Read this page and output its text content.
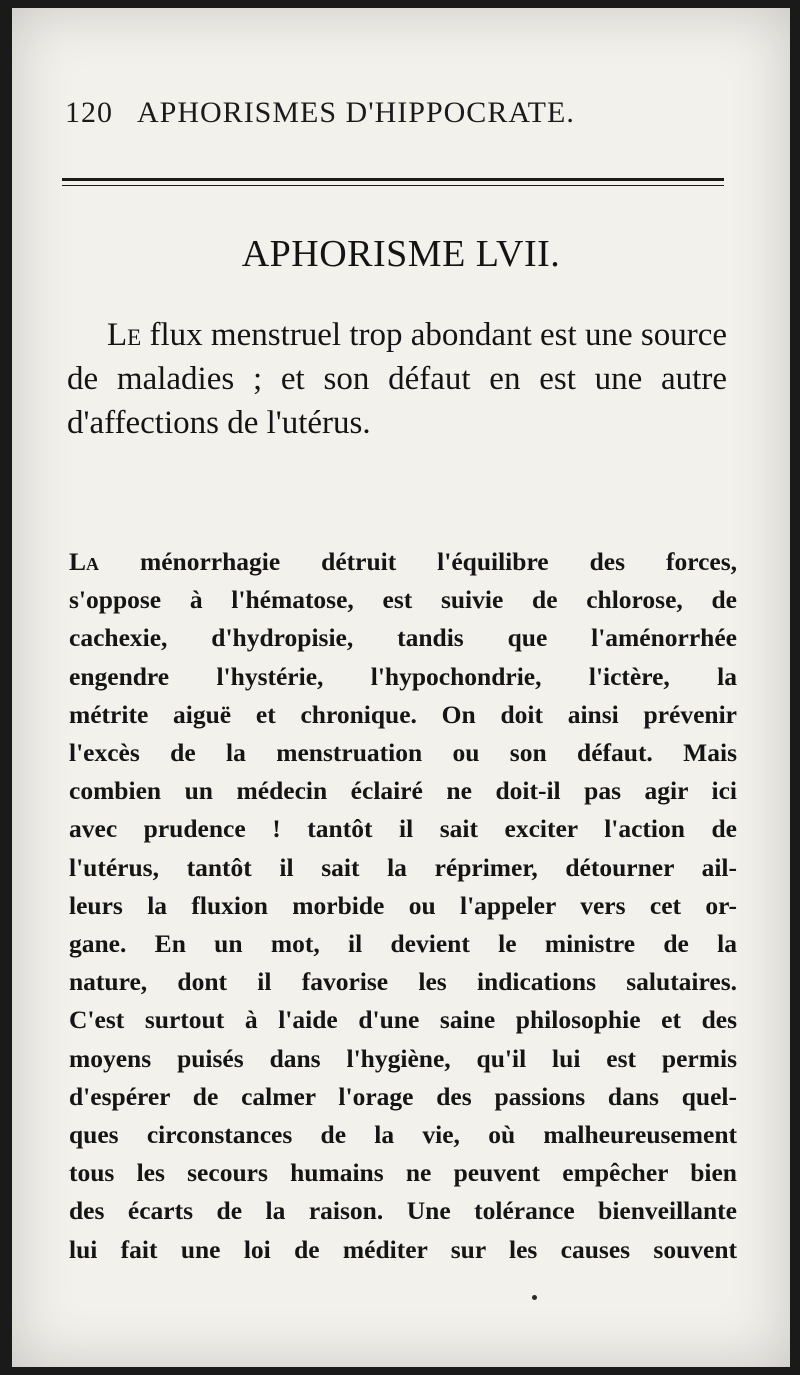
120 APHORISMES D'HIPPOCRATE.
APHORISME LVII.

Le flux menstruel trop abondant est une source de maladies ; et son défaut en est une autre d'affections de l'utérus.

La ménorrhagie détruit l'équilibre des forces,
s'oppose à l'hématose, est suivie de chlorose, de
cachexie, d'hydropisie, tandis que l'aménorrhée
engendre l'hystérie, l'hypochondrie, l'ictère, la
métrite aiguë et chronique. On doit ainsi prévenir
l'excès de la menstruation ou son défaut. Mais
combien un médecin éclairé ne doit-il pas agir ici
avec prudence ! tantôt il sait exciter l'action de
l'utérus, tantôt il sait la réprimer, détourner ail-
leurs la fluxion morbide ou l'appeler vers cet or-
gane. En un mot, il devient le ministre de la
nature, dont il favorise les indications salutaires.
C'est surtout à l'aide d'une saine philosophie et des
moyens puisés dans l'hygiène, qu'il lui est permis
d'espérer de calmer l'orage des passions dans quel-
ques circonstances de la vie, où malheureusement
tous les secours humains ne peuvent empêcher bien
des écarts de la raison. Une tolérance bienveillante
lui fait une loi de méditer sur les causes souvent
